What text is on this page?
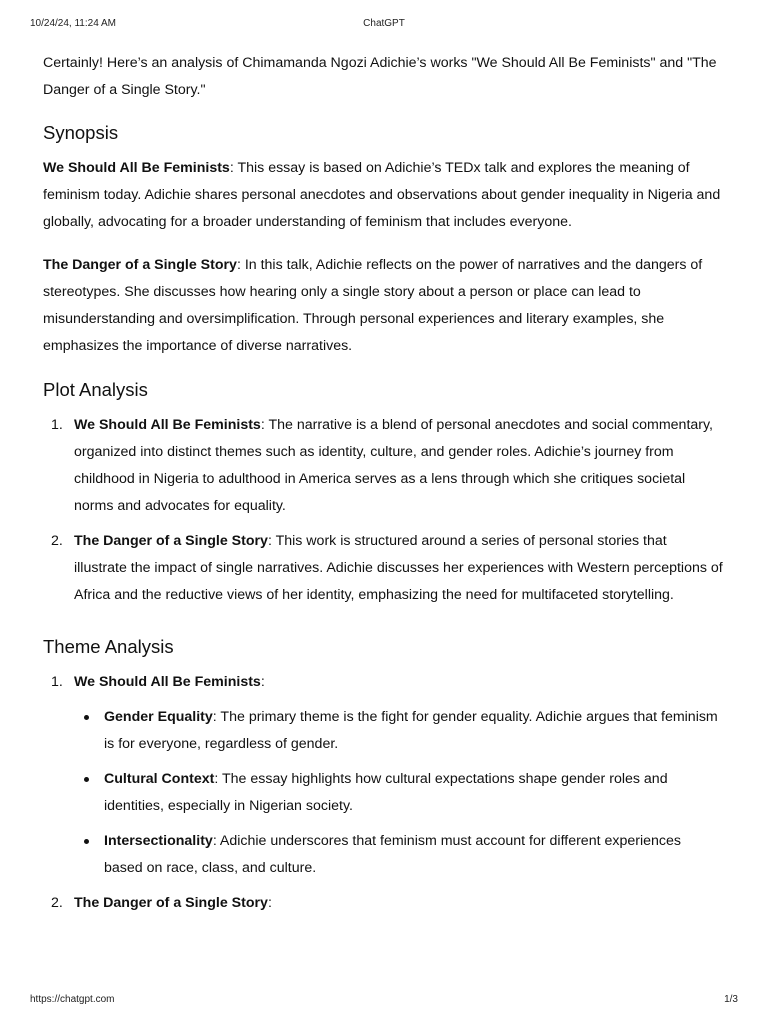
10/24/24, 11:24 AM	ChatGPT

Certainly! Here’s an analysis of Chimamanda Ngozi Adichie’s works "We Should All Be Feminists" and "The Danger of a Single Story."

Synopsis

We Should All Be Feminists: This essay is based on Adichie’s TEDx talk and explores the meaning of feminism today. Adichie shares personal anecdotes and observations about gender inequality in Nigeria and globally, advocating for a broader understanding of feminism that includes everyone.

The Danger of a Single Story: In this talk, Adichie reflects on the power of narratives and the dangers of stereotypes. She discusses how hearing only a single story about a person or place can lead to misunderstanding and oversimplification. Through personal experiences and literary examples, she emphasizes the importance of diverse narratives.

Plot Analysis
1. We Should All Be Feminists: The narrative is a blend of personal anecdotes and social commentary, organized into distinct themes such as identity, culture, and gender roles. Adichie’s journey from childhood in Nigeria to adulthood in America serves as a lens through which she critiques societal norms and advocates for equality.
2. The Danger of a Single Story: This work is structured around a series of personal stories that illustrate the impact of single narratives. Adichie discusses her experiences with Western perceptions of Africa and the reductive views of her identity, emphasizing the need for multifaceted storytelling.
Theme Analysis
1. We Should All Be Feminists:
Gender Equality: The primary theme is the fight for gender equality. Adichie argues that feminism is for everyone, regardless of gender.
Cultural Context: The essay highlights how cultural expectations shape gender roles and identities, especially in Nigerian society.
Intersectionality: Adichie underscores that feminism must account for different experiences based on race, class, and culture.
2. The Danger of a Single Story:
https://chatgpt.com	1/3
